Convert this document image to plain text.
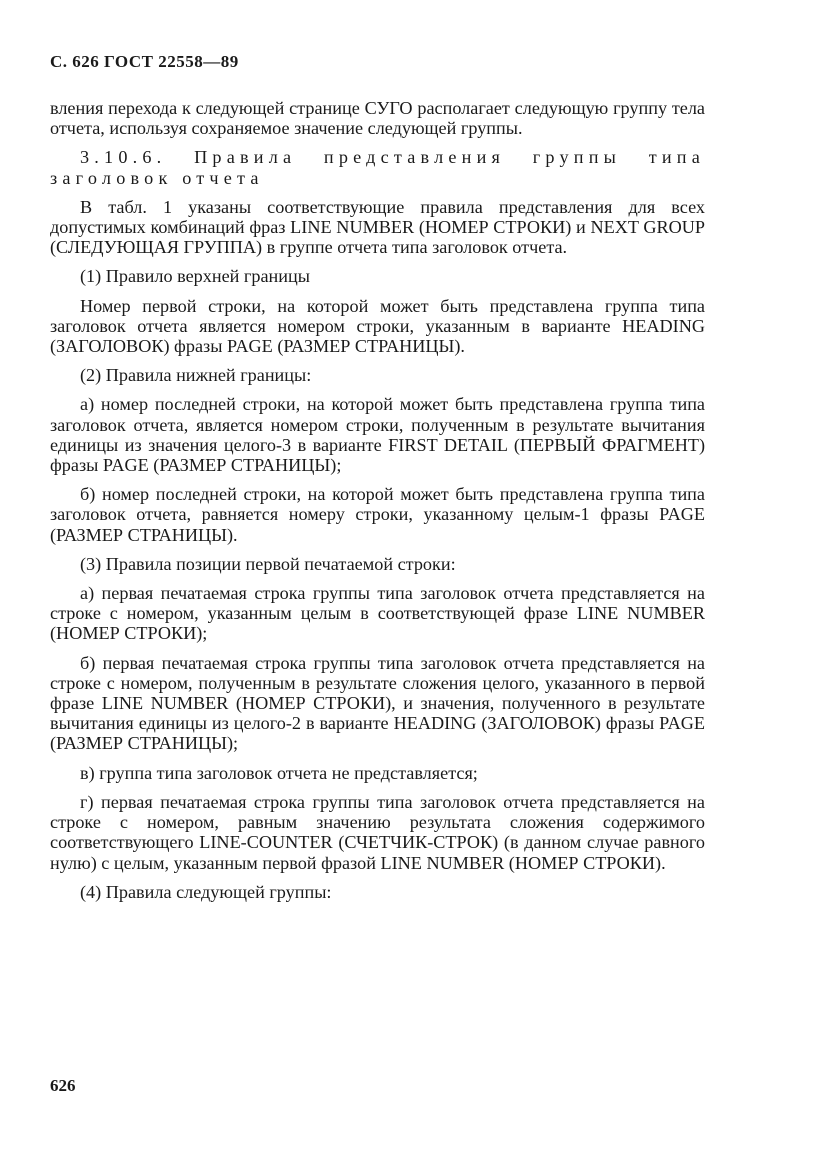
С. 626 ГОСТ 22558—89

вления перехода к следующей странице СУГО располагает следующую группу тела отчета, используя сохраняемое значение следующей группы.

3.10.6. Правила представления группы типа заголовок отчета

В табл. 1 указаны соответствующие правила представления для всех допустимых комбинаций фраз LINE NUMBER (НОМЕР СТРОКИ) и NEXT GROUP (СЛЕДУЮЩАЯ ГРУППА) в группе отчета типа заголовок отчета.

(1) Правило верхней границы

Номер первой строки, на которой может быть представлена группа типа заголовок отчета является номером строки, указанным в варианте HEADING (ЗАГОЛОВОК) фразы PAGE (РАЗМЕР СТРАНИЦЫ).

(2) Правила нижней границы:

а) номер последней строки, на которой может быть представлена группа типа заголовок отчета, является номером строки, полученным в результате вычитания единицы из значения целого-3 в варианте FIRST DETAIL (ПЕРВЫЙ ФРАГМЕНТ) фразы PAGE (РАЗМЕР СТРАНИЦЫ);

б) номер последней строки, на которой может быть представлена группа типа заголовок отчета, равняется номеру строки, указанному целым-1 фразы PAGE (РАЗМЕР СТРАНИЦЫ).

(3) Правила позиции первой печатаемой строки:

а) первая печатаемая строка группы типа заголовок отчета представляется на строке с номером, указанным целым в соответствующей фразе LINE NUMBER (НОМЕР СТРОКИ);

б) первая печатаемая строка группы типа заголовок отчета представляется на строке с номером, полученным в результате сложения целого, указанного в первой фразе LINE NUMBER (НОМЕР СТРОКИ), и значения, полученного в результате вычитания единицы из целого-2 в варианте HEADING (ЗАГОЛОВОК) фразы PAGE (РАЗМЕР СТРАНИЦЫ);

в) группа типа заголовок отчета не представляется;

г) первая печатаемая строка группы типа заголовок отчета представляется на строке с номером, равным значению результата сложения содержимого соответствующего LINE-COUNTER (СЧЕТЧИК-СТРОК) (в данном случае равного нулю) с целым, указанным первой фразой LINE NUMBER (НОМЕР СТРОКИ).

(4) Правила следующей группы:

626
